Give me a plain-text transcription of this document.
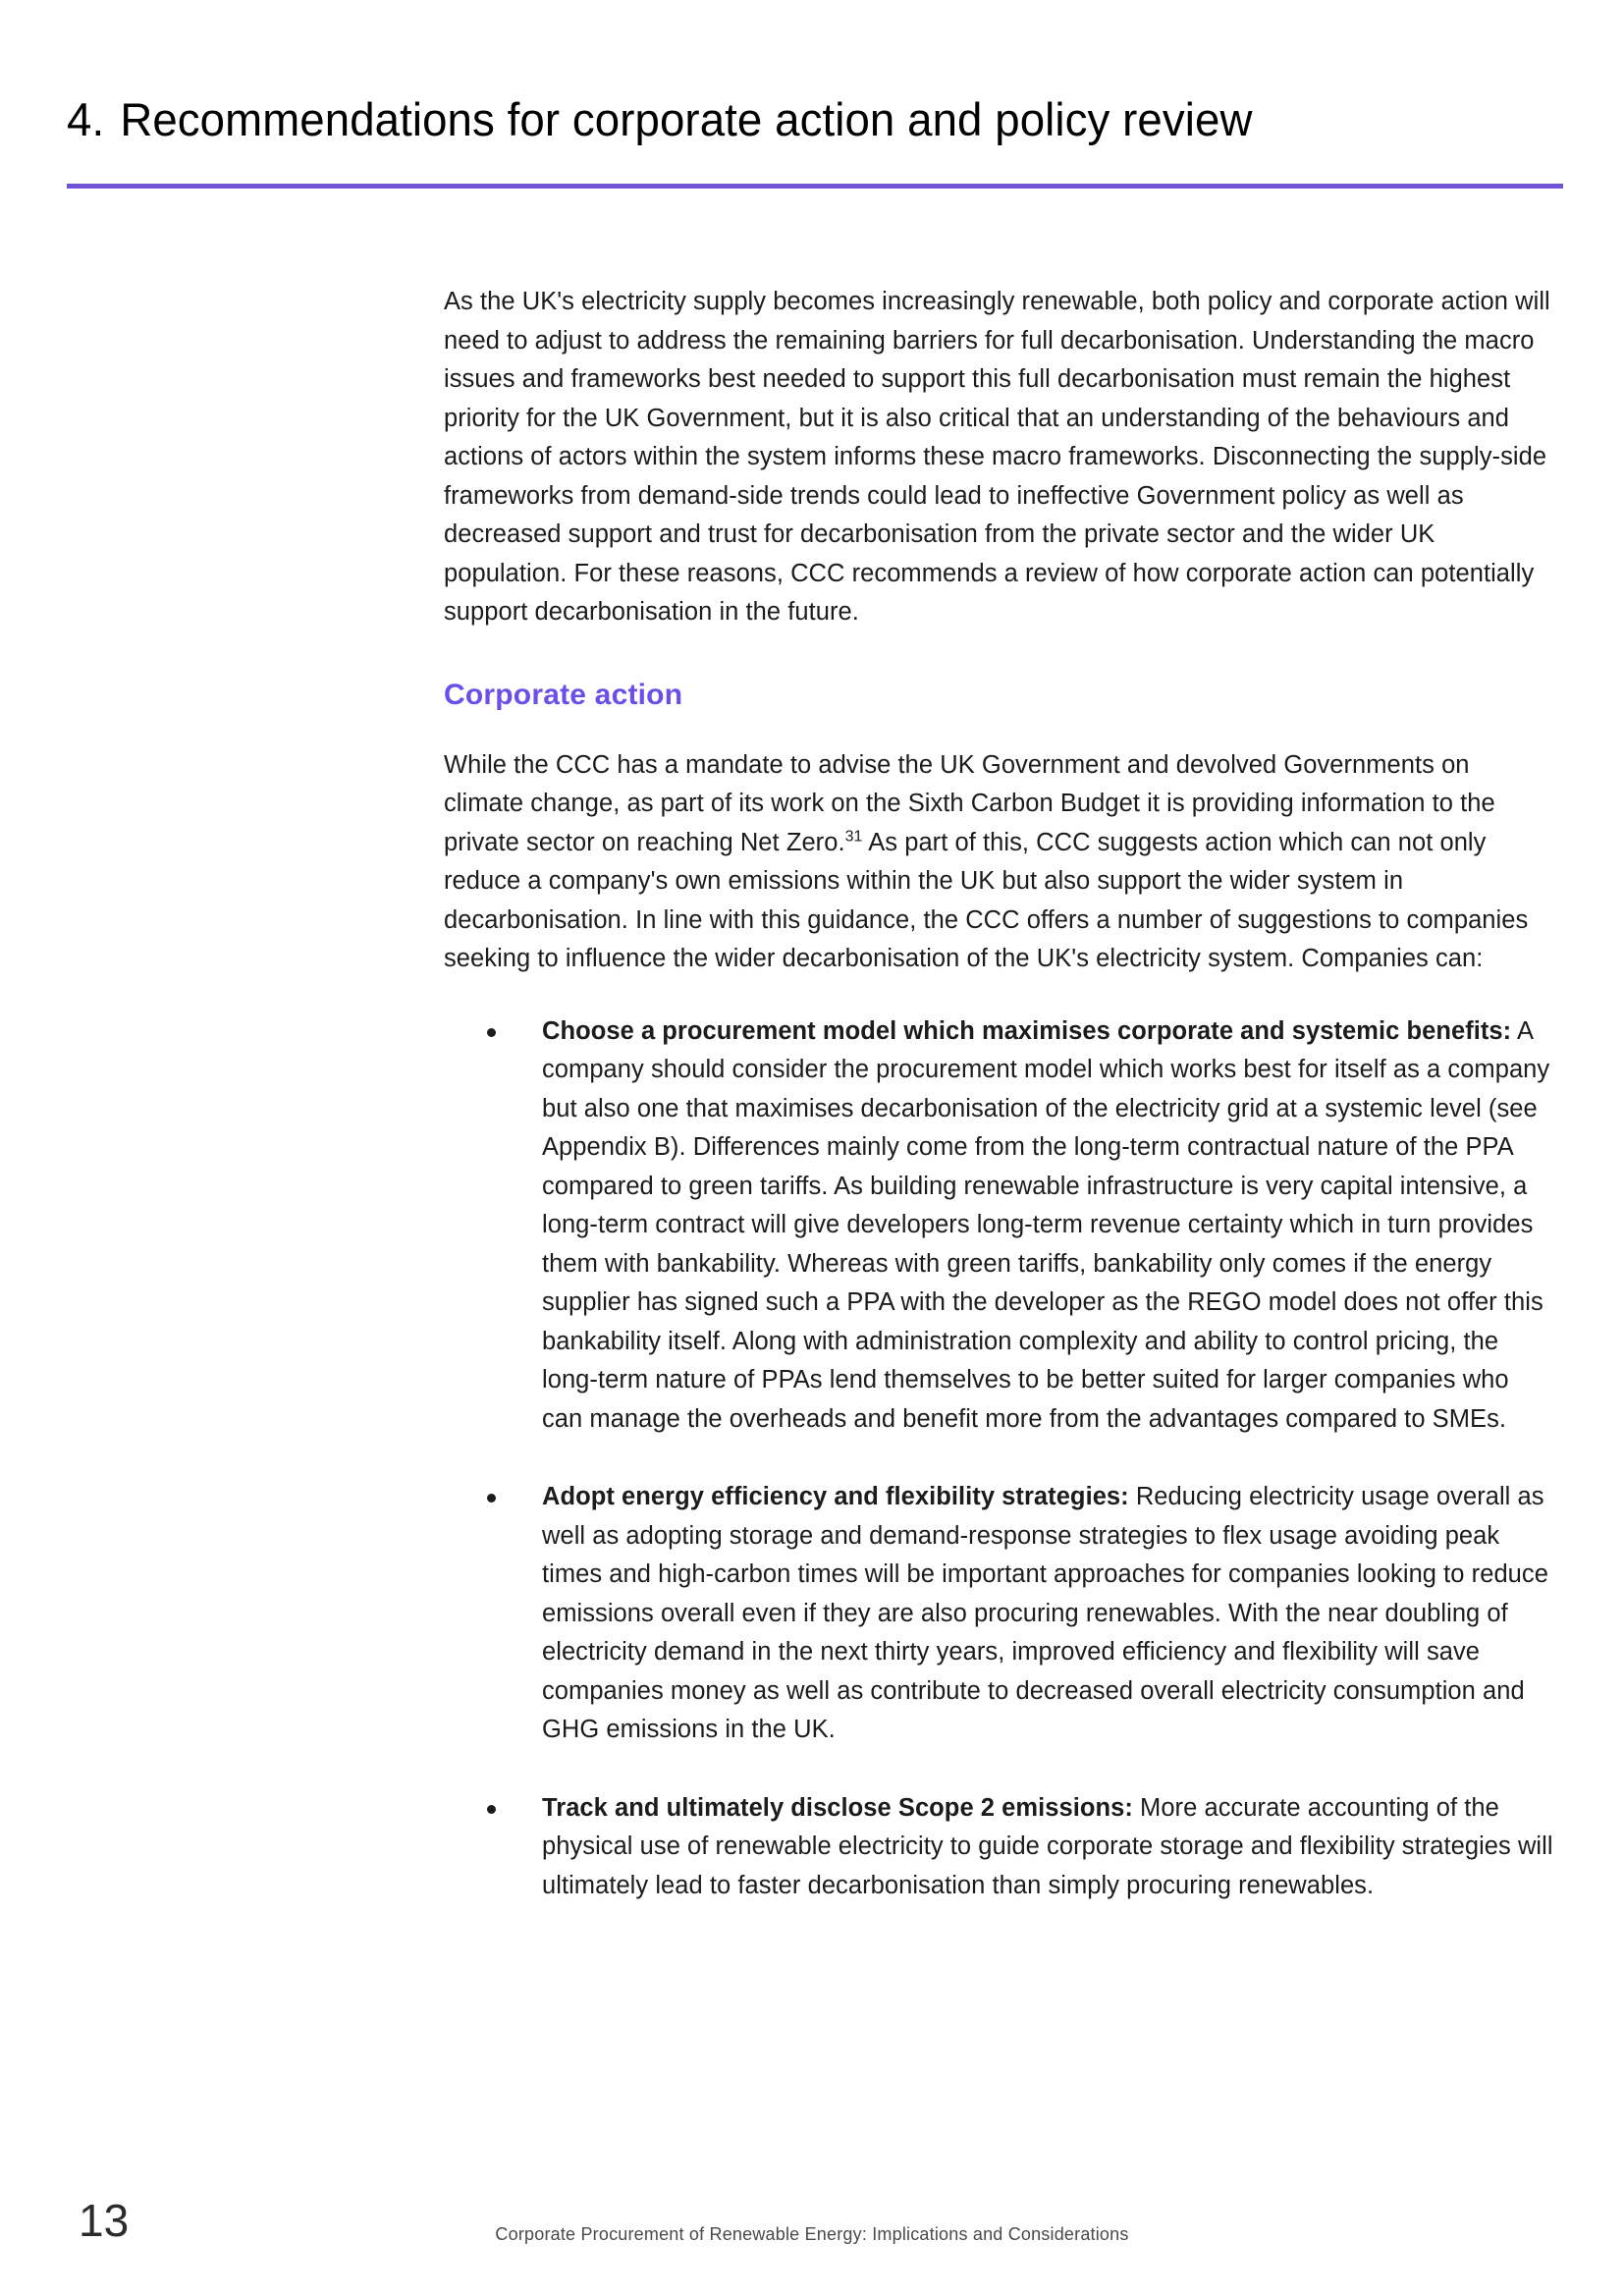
4. Recommendations for corporate action and policy review

As the UK's electricity supply becomes increasingly renewable, both policy and corporate action will need to adjust to address the remaining barriers for full decarbonisation. Understanding the macro issues and frameworks best needed to support this full decarbonisation must remain the highest priority for the UK Government, but it is also critical that an understanding of the behaviours and actions of actors within the system informs these macro frameworks. Disconnecting the supply-side frameworks from demand-side trends could lead to ineffective Government policy as well as decreased support and trust for decarbonisation from the private sector and the wider UK population. For these reasons, CCC recommends a review of how corporate action can potentially support decarbonisation in the future.

Corporate action

While the CCC has a mandate to advise the UK Government and devolved Governments on climate change, as part of its work on the Sixth Carbon Budget it is providing information to the private sector on reaching Net Zero.$^{31}$ As part of this, CCC suggests action which can not only reduce a company's own emissions within the UK but also support the wider system in decarbonisation. In line with this guidance, the CCC offers a number of suggestions to companies seeking to influence the wider decarbonisation of the UK's electricity system. Companies can:

Choose a procurement model which maximises corporate and systemic benefits: A company should consider the procurement model which works best for itself as a company but also one that maximises decarbonisation of the electricity grid at a systemic level (see Appendix B). Differences mainly come from the long-term contractual nature of the PPA compared to green tariffs. As building renewable infrastructure is very capital intensive, a long-term contract will give developers long-term revenue certainty which in turn provides them with bankability. Whereas with green tariffs, bankability only comes if the energy supplier has signed such a PPA with the developer as the REGO model does not offer this bankability itself. Along with administration complexity and ability to control pricing, the long-term nature of PPAs lend themselves to be better suited for larger companies who can manage the overheads and benefit more from the advantages compared to SMEs.
Adopt energy efficiency and flexibility strategies: Reducing electricity usage overall as well as adopting storage and demand-response strategies to flex usage avoiding peak times and high-carbon times will be important approaches for companies looking to reduce emissions overall even if they are also procuring renewables. With the near doubling of electricity demand in the next thirty years, improved efficiency and flexibility will save companies money as well as contribute to decreased overall electricity consumption and GHG emissions in the UK.
Track and ultimately disclose Scope 2 emissions: More accurate accounting of the physical use of renewable electricity to guide corporate storage and flexibility strategies will ultimately lead to faster decarbonisation than simply procuring renewables.
13	Corporate Procurement of Renewable Energy: Implications and Considerations
